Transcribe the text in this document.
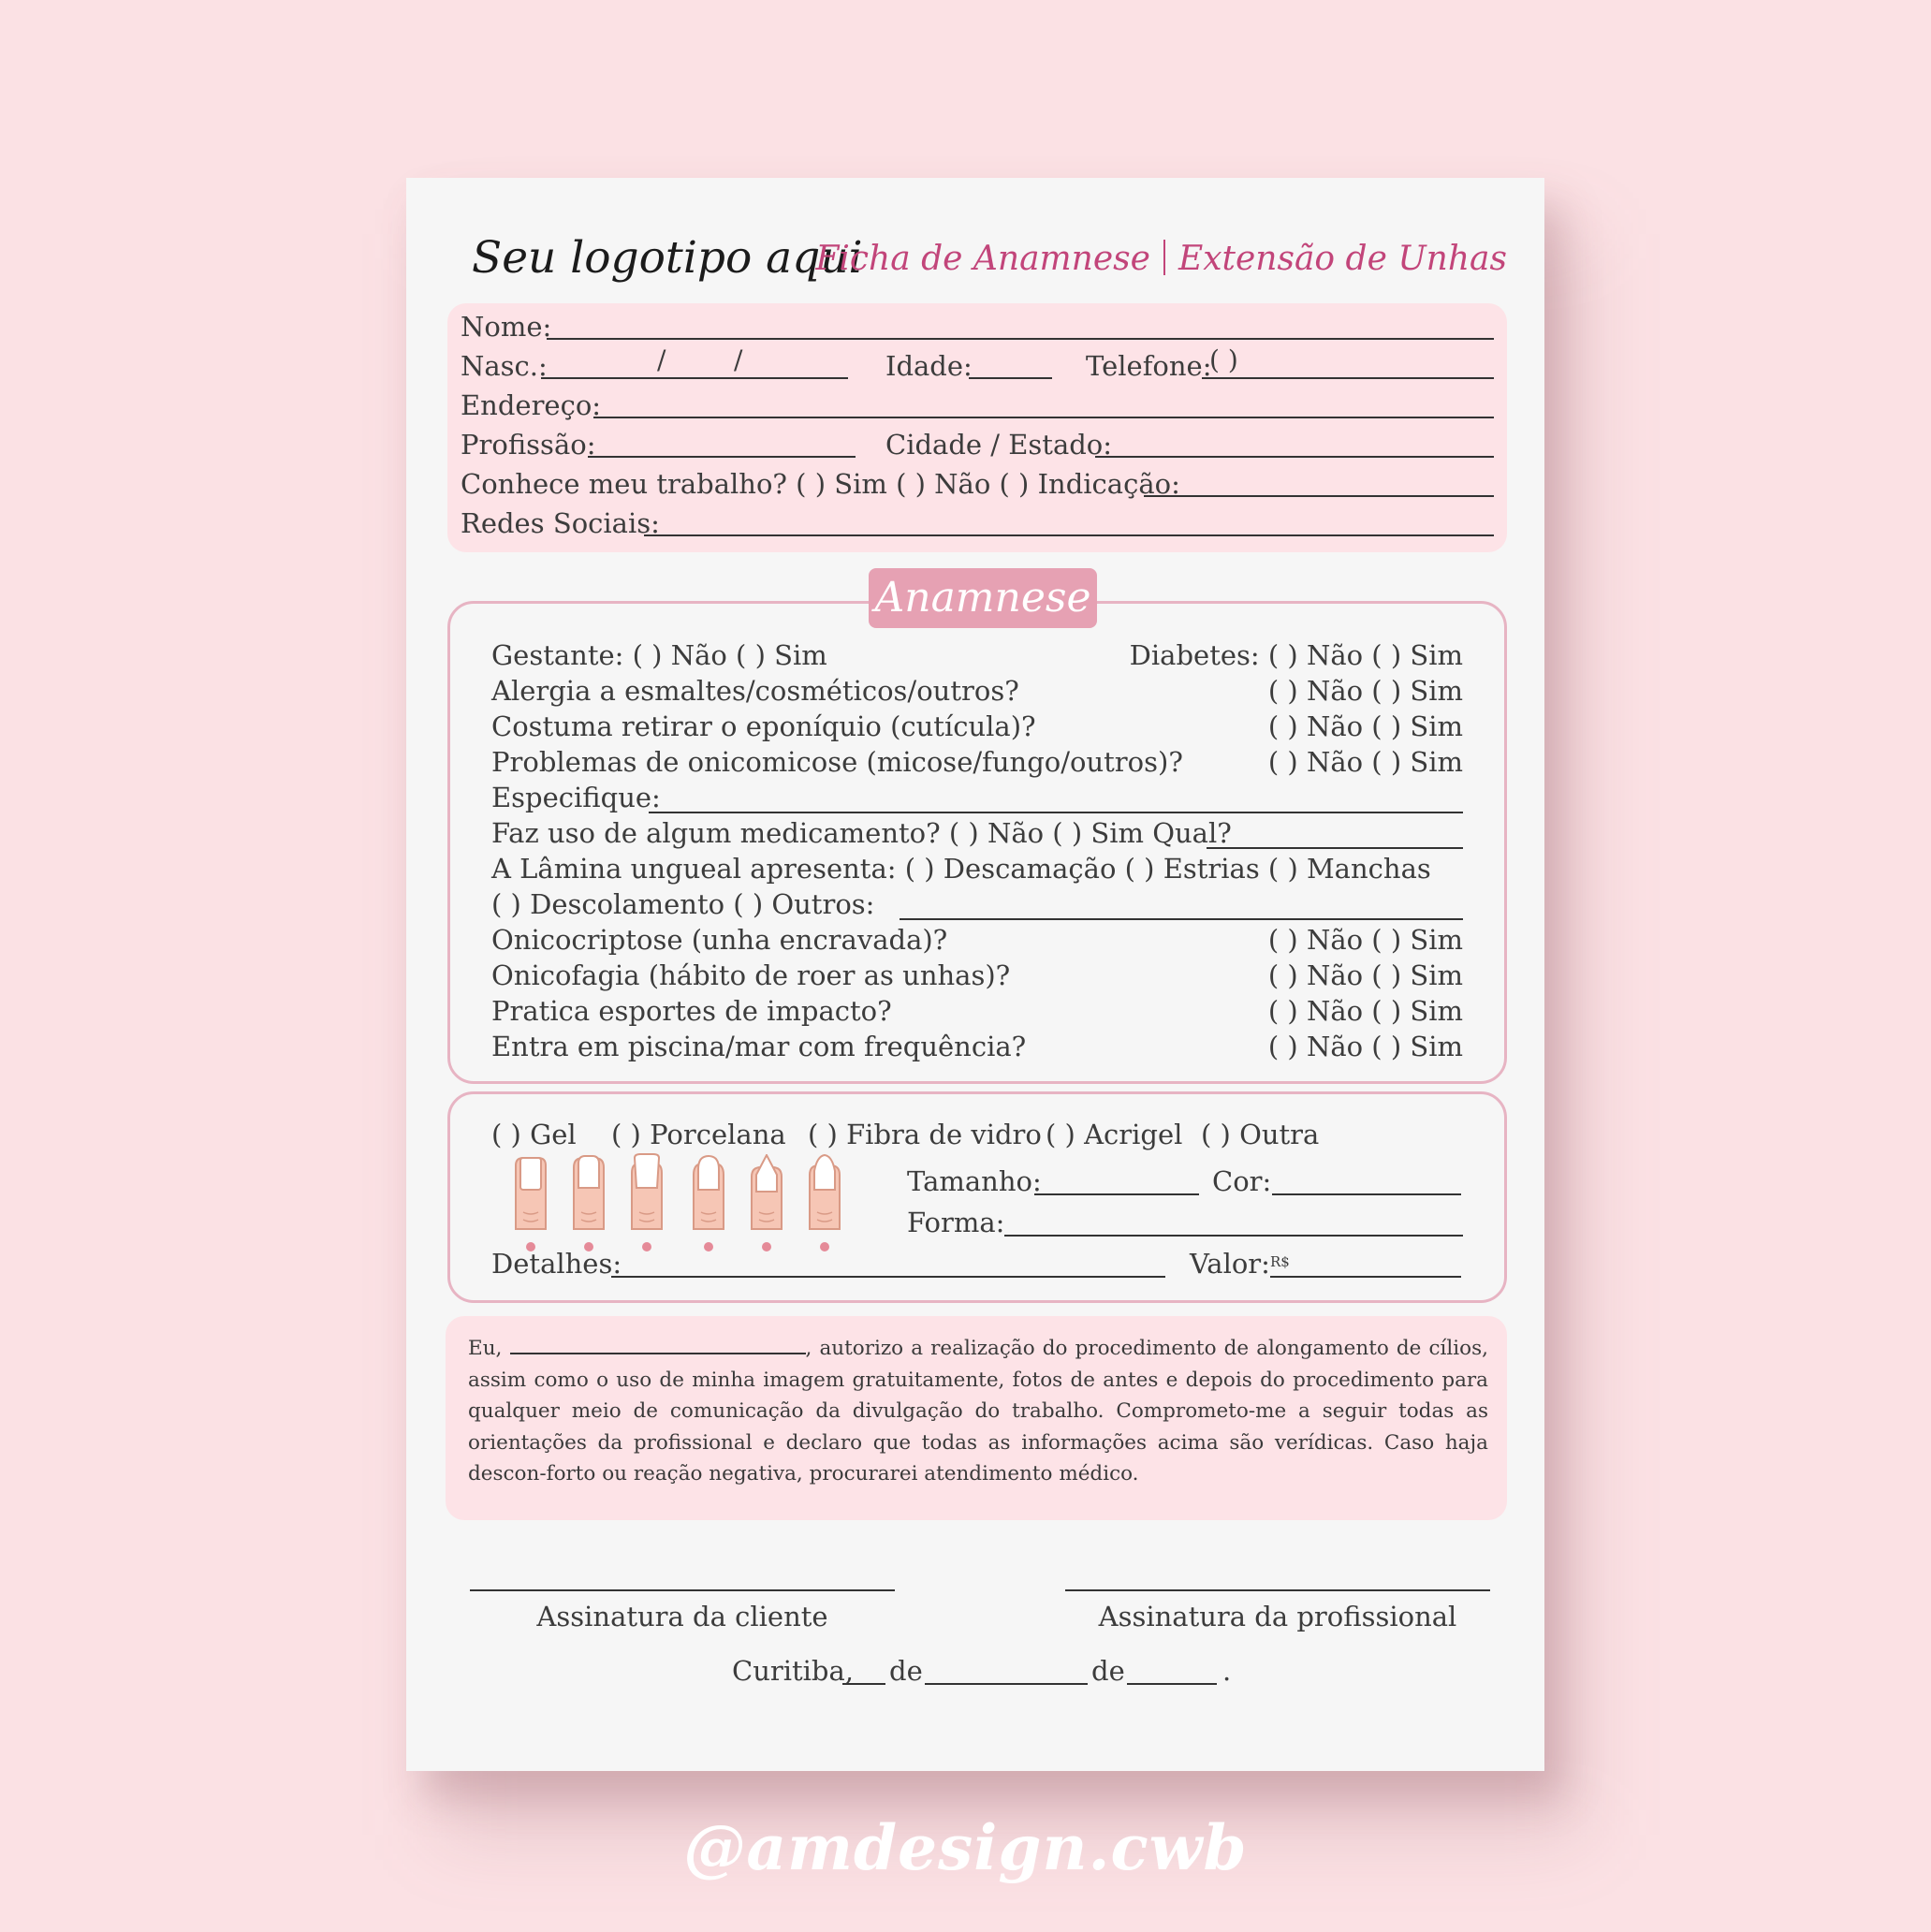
Seu logotipo aqui
Ficha de Anamnese Extensão de Unhas
Nome:
Nasc.:	/	/	Idade:	Telefone:
( )
Endereço:
Profissão:	Cidade / Estado:
Conhece meu trabalho? ( ) Sim ( ) Não ( ) Indicação:
Redes Sociais:
Gestante: ( ) Não ( ) Sim	Diabetes: ( ) Não ( ) Sim
Alergia a esmaltes/cosméticos/outros?	( ) Não ( ) Sim
Costuma retirar o eponíquio (cutícula)?	( ) Não ( ) Sim
Problemas de onicomicose (micose/fungo/outros)?	( ) Não ( ) Sim
Especifique:
Faz uso de algum medicamento? ( ) Não ( ) Sim Qual?
A Lâmina ungueal apresenta: ( ) Descamação ( ) Estrias ( ) Manchas
( ) Descolamento ( ) Outros:
Onicocriptose (unha encravada)?	( ) Não ( ) Sim
Onicofagia (hábito de roer as unhas)?	( ) Não ( ) Sim
Pratica esportes de impacto?	( ) Não ( ) Sim
Entra em piscina/mar com frequência?	( ) Não ( ) Sim
Anamnese
( ) Gel ( ) Porcelana ( ) Fibra de vidro ( ) Acrigel ( ) Outra
Tamanho:	Cor:
Forma:
Detalhes:	Valor: R$
Eu,	, autorizo a realização do procedimento de alongamento de cílios, assim como o uso de minha imagem gratuitamente, fotos de antes e depois do procedimento para qualquer meio de comunicação da divulgação do trabalho. Comprometo-me a seguir todas as orientações da profissional e declaro que todas as informações acima são verídicas. Caso haja descon-forto ou reação negativa, procurarei atendimento médico.
Assinatura da cliente	Assinatura da profissional
Curitiba, de	de	.
@amdesign.cwb
